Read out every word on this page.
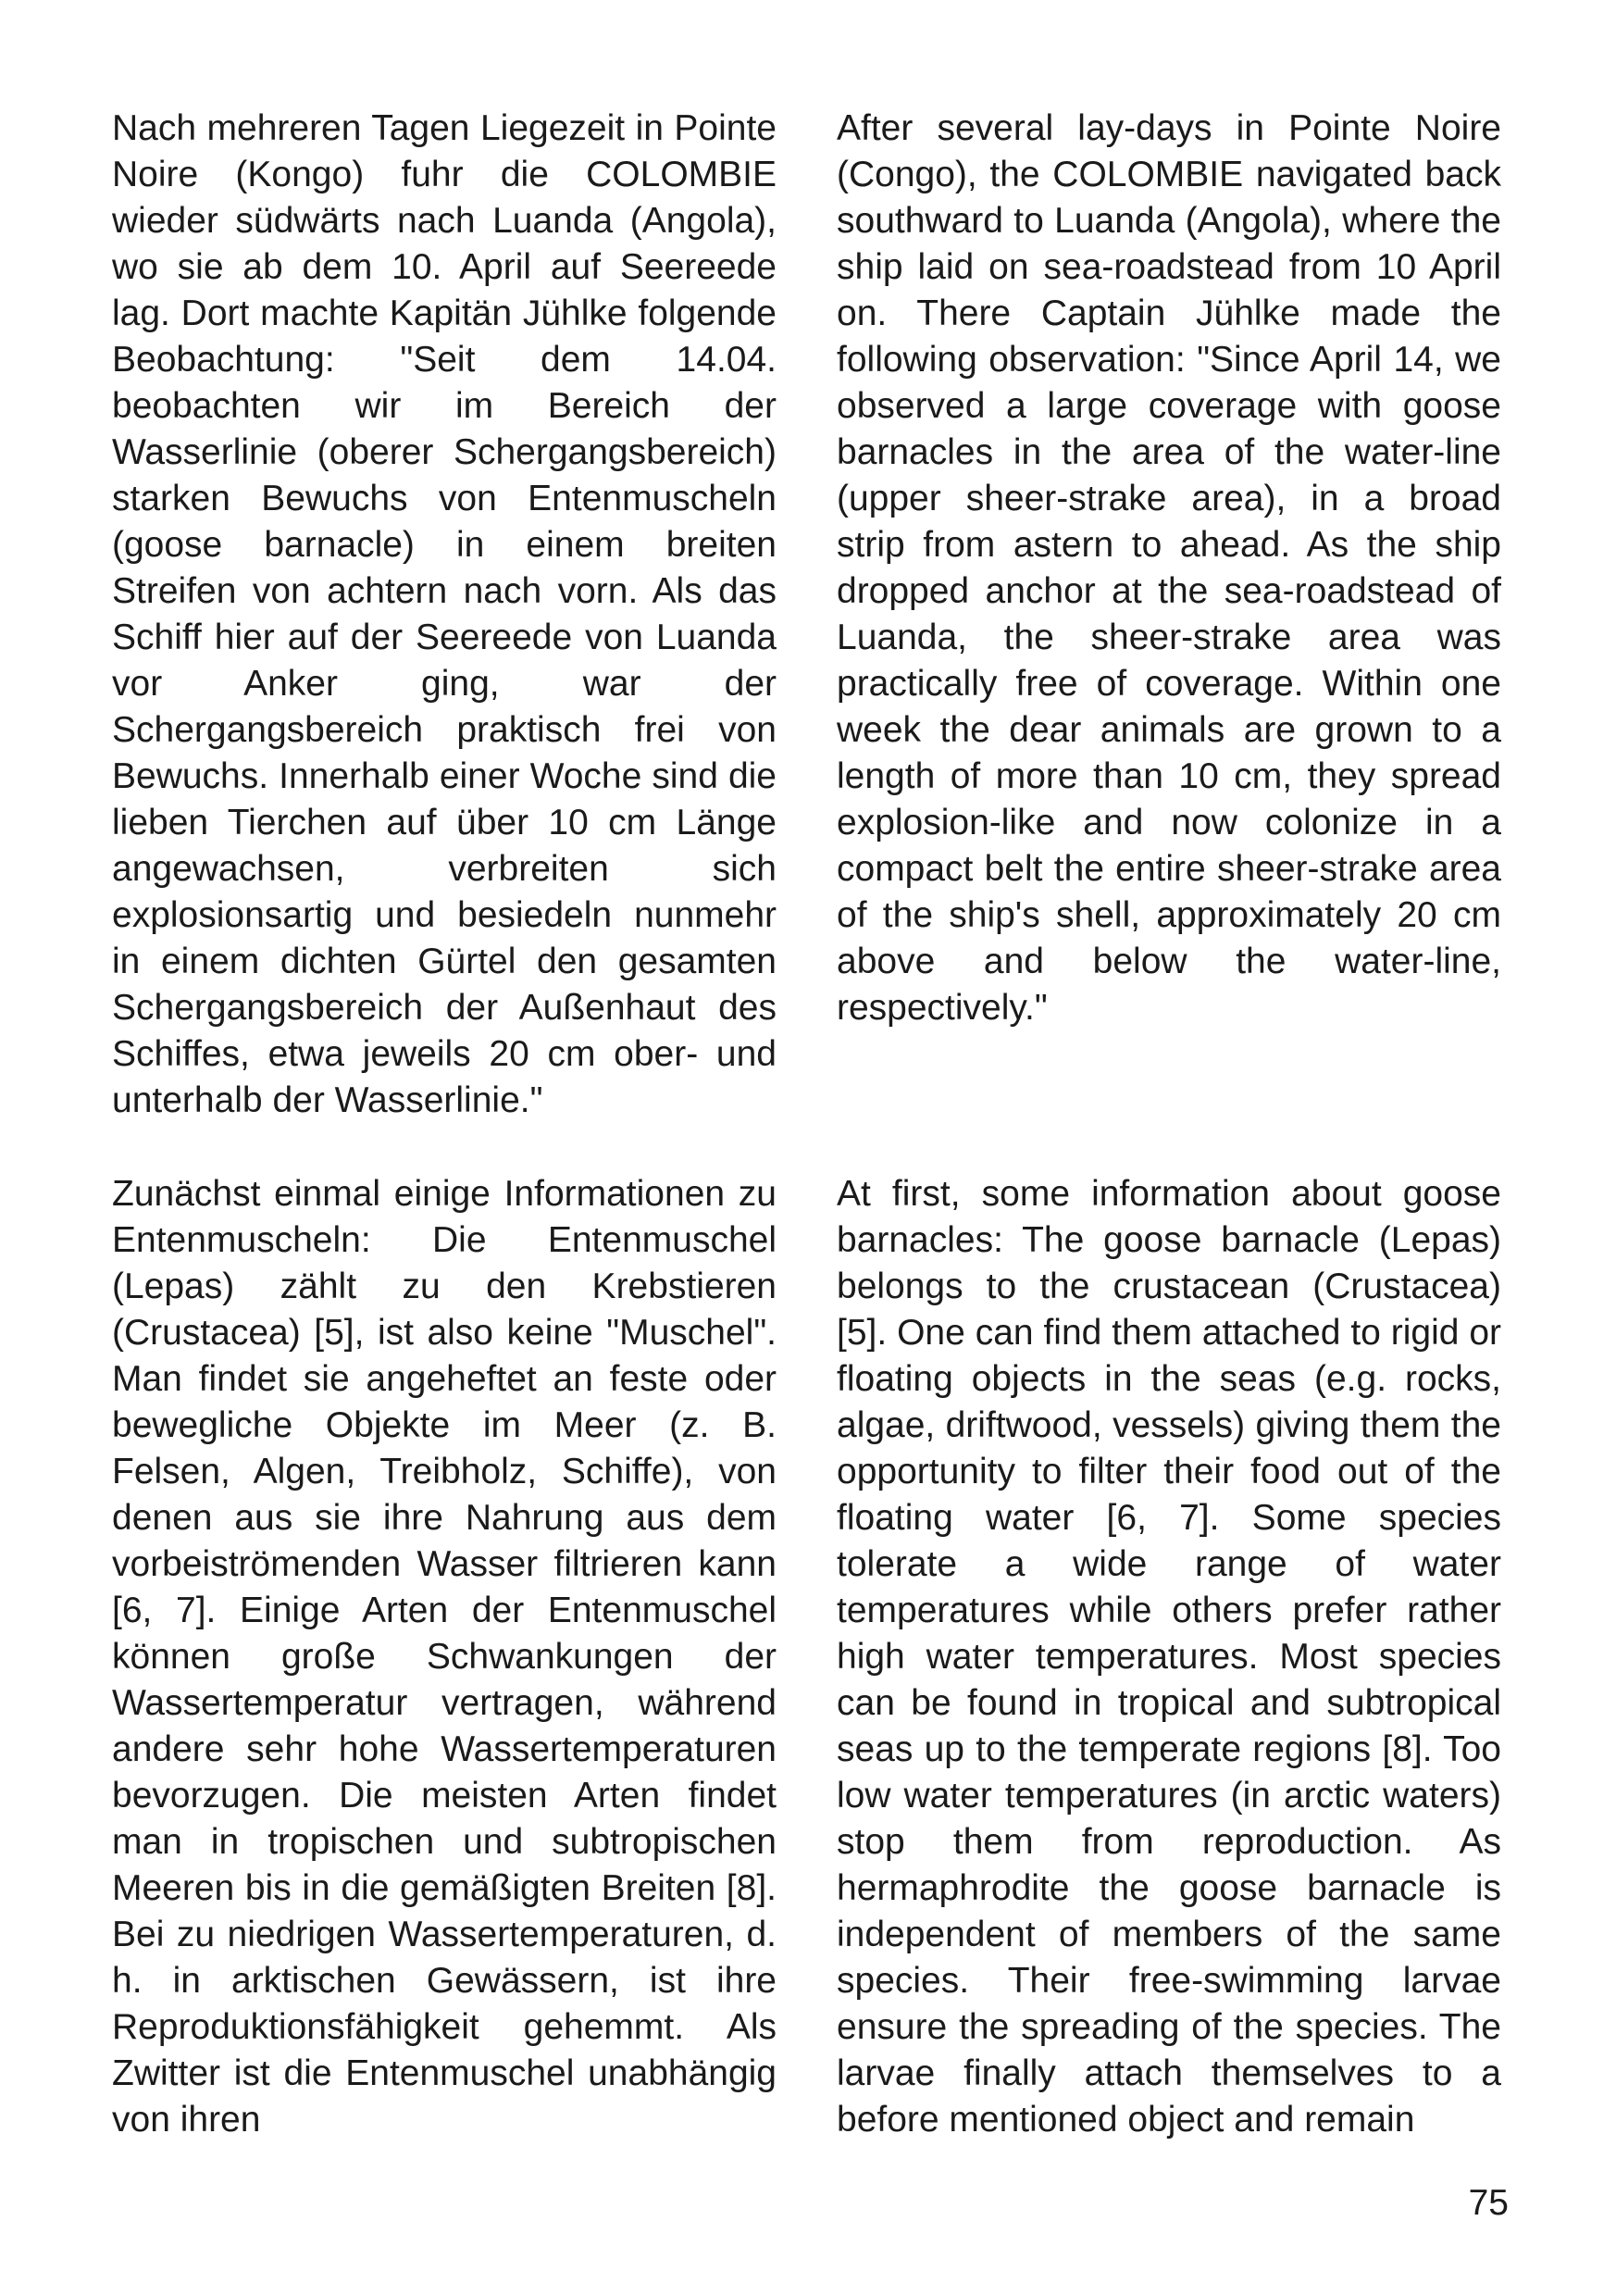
Nach mehreren Tagen Liegezeit in Pointe Noire (Kongo) fuhr die COLOMBIE wieder südwärts nach Luanda (Angola), wo sie ab dem 10. April auf Seereede lag. Dort machte Kapitän Jühlke folgende Beobachtung: "Seit dem 14.04. beobachten wir im Bereich der Wasserlinie (oberer Schergangsbereich) starken Bewuchs von Entenmuscheln (goose barnacle) in einem breiten Streifen von achtern nach vorn. Als das Schiff hier auf der Seereede von Luanda vor Anker ging, war der Schergangsbereich praktisch frei von Bewuchs. Innerhalb einer Woche sind die lieben Tierchen auf über 10 cm Länge angewachsen, verbreiten sich explosionsartig und besiedeln nunmehr in einem dichten Gürtel den gesamten Schergangsbereich der Außenhaut des Schiffes, etwa jeweils 20 cm ober- und unterhalb der Wasserlinie."

After several lay-days in Pointe Noire (Congo), the COLOMBIE navigated back southward to Luanda (Angola), where the ship laid on sea-roadstead from 10 April on. There Captain Jühlke made the following observation: "Since April 14, we observed a large coverage with goose barnacles in the area of the water-line (upper sheer-strake area), in a broad strip from astern to ahead. As the ship dropped anchor at the sea-roadstead of Luanda, the sheer-strake area was practically free of coverage. Within one week the dear animals are grown to a length of more than 10 cm, they spread explosion-like and now colonize in a compact belt the entire sheer-strake area of the ship's shell, approximately 20 cm above and below the water-line, respectively."

Zunächst einmal einige Informationen zu Entenmuscheln: Die Entenmuschel (Lepas) zählt zu den Krebstieren (Crustacea) [5], ist also keine "Muschel". Man findet sie angeheftet an feste oder bewegliche Objekte im Meer (z. B. Felsen, Algen, Treibholz, Schiffe), von denen aus sie ihre Nahrung aus dem vorbeiströmenden Wasser filtrieren kann [6, 7]. Einige Arten der Entenmuschel können große Schwankungen der Wassertemperatur vertragen, während andere sehr hohe Wassertemperaturen bevorzugen. Die meisten Arten findet man in tropischen und subtropischen Meeren bis in die gemäßigten Breiten [8]. Bei zu niedrigen Wassertemperaturen, d. h. in arktischen Gewässern, ist ihre Reproduktionsfähigkeit gehemmt. Als Zwitter ist die Entenmuschel unabhängig von ihren

At first, some information about goose barnacles: The goose barnacle (Lepas) belongs to the crustacean (Crustacea) [5]. One can find them attached to rigid or floating objects in the seas (e.g. rocks, algae, driftwood, vessels) giving them the opportunity to filter their food out of the floating water [6, 7]. Some species tolerate a wide range of water temperatures while others prefer rather high water temperatures. Most species can be found in tropical and subtropical seas up to the temperate regions [8]. Too low water temperatures (in arctic waters) stop them from reproduction. As hermaphrodite the goose barnacle is independent of members of the same species. Their free-swimming larvae ensure the spreading of the species. The larvae finally attach themselves to a before mentioned object and remain

75
